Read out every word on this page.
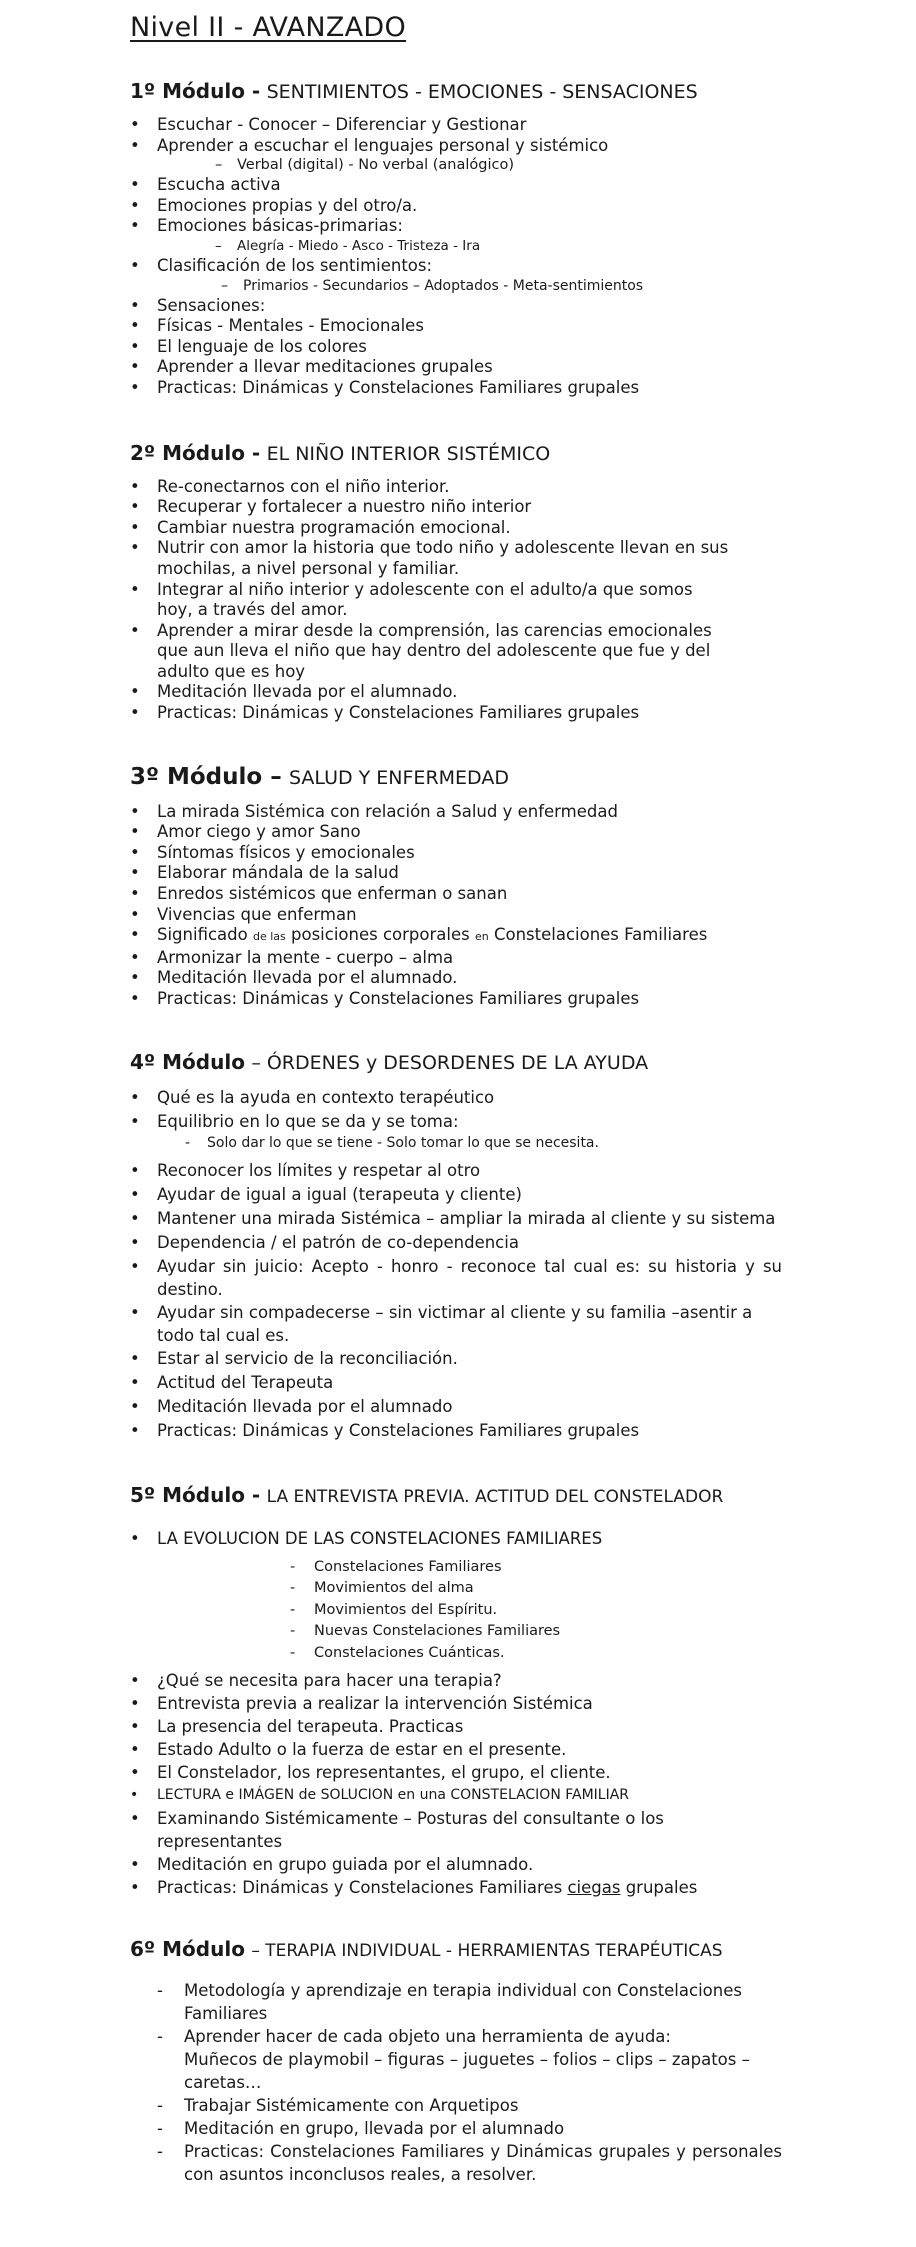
Nivel II - AVANZADO
1º Módulo - SENTIMIENTOS - EMOCIONES - SENSACIONES
• Escuchar - Conocer – Diferenciar y Gestionar
• Aprender a escuchar el lenguajes personal y sistémico
– Verbal (digital) - No verbal (analógico)
• Escucha activa
• Emociones propias y del otro/a.
• Emociones básicas-primarias:
– Alegría - Miedo - Asco - Tristeza - Ira
• Clasificación de los sentimientos:
– Primarios - Secundarios – Adoptados - Meta-sentimientos
• Sensaciones:
• Físicas - Mentales - Emocionales
• El lenguaje de los colores
• Aprender a llevar meditaciones grupales
• Practicas: Dinámicas y Constelaciones Familiares grupales
2º Módulo - EL NIÑO INTERIOR SISTÉMICO
• Re-conectarnos con el niño interior.
• Recuperar y fortalecer a nuestro niño interior
• Cambiar nuestra programación emocional.
• Nutrir con amor la historia que todo niño y adolescente llevan en sus mochilas, a nivel personal y familiar.
• Integrar al niño interior y adolescente con el adulto/a que somos hoy, a través del amor.
• Aprender a mirar desde la comprensión, las carencias emocionales que aun lleva el niño que hay dentro del adolescente que fue y del adulto que es hoy
• Meditación llevada por el alumnado.
• Practicas: Dinámicas y Constelaciones Familiares grupales
3º Módulo – SALUD Y ENFERMEDAD
• La mirada Sistémica con relación a Salud y enfermedad
• Amor ciego y amor Sano
• Síntomas físicos y emocionales
• Elaborar mándala de la salud
• Enredos sistémicos que enferman o sanan
• Vivencias que enferman
• Significado de las posiciones corporales en Constelaciones Familiares
• Armonizar la mente - cuerpo – alma
• Meditación llevada por el alumnado.
• Practicas: Dinámicas y Constelaciones Familiares grupales
4º Módulo – ÓRDENES y DESORDENES DE LA AYUDA
• Qué es la ayuda en contexto terapéutico
• Equilibrio en lo que se da y se toma:
- Solo dar lo que se tiene - Solo tomar lo que se necesita.
• Reconocer los límites y respetar al otro
• Ayudar de igual a igual (terapeuta y cliente)
• Mantener una mirada Sistémica – ampliar la mirada al cliente y su sistema
• Dependencia / el patrón de co-dependencia
• Ayudar sin juicio: Acepto - honro - reconoce tal cual es: su historia y su destino.
• Ayudar sin compadecerse – sin victimar al cliente y su familia –asentir a todo tal cual es.
• Estar al servicio de la reconciliación.
• Actitud del Terapeuta
• Meditación llevada por el alumnado
• Practicas: Dinámicas y Constelaciones Familiares grupales
5º Módulo - LA ENTREVISTA PREVIA. ACTITUD DEL CONSTELADOR
• LA EVOLUCION DE LAS CONSTELACIONES FAMILIARES
- Constelaciones Familiares
- Movimientos del alma
- Movimientos del Espíritu.
- Nuevas Constelaciones Familiares
- Constelaciones Cuánticas.
• ¿Qué se necesita para hacer una terapia?
• Entrevista previa a realizar la intervención Sistémica
• La presencia del terapeuta. Practicas
• Estado Adulto o la fuerza de estar en el presente.
• El Constelador, los representantes, el grupo, el cliente.
• LECTURA e IMÁGEN de SOLUCION en una CONSTELACION FAMILIAR
• Examinando Sistémicamente – Posturas del consultante o los representantes
• Meditación en grupo guiada por el alumnado.
• Practicas: Dinámicas y Constelaciones Familiares ciegas grupales
6º Módulo – TERAPIA INDIVIDUAL - HERRAMIENTAS TERAPÉUTICAS
- Metodología y aprendizaje en terapia individual con Constelaciones Familiares
- Aprender hacer de cada objeto una herramienta de ayuda:
Muñecos de playmobil – figuras – juguetes – folios – clips – zapatos – caretas…
- Trabajar Sistémicamente con Arquetipos
- Meditación en grupo, llevada por el alumnado
- Practicas: Constelaciones Familiares y Dinámicas grupales y personales con asuntos inconclusos reales, a resolver.
